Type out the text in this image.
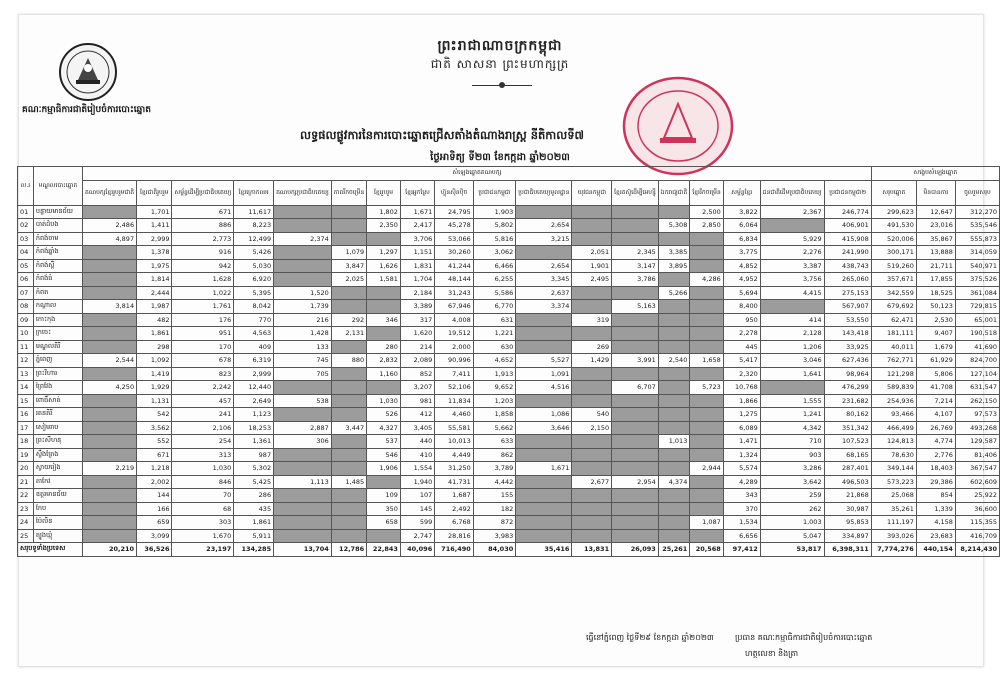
ព្រះរាជាណាចក្រកម្ពុជា
ជាតិ សាសនា ព្រះមហាក្សត្រ
គណៈកម្មាធិការជាតិរៀបចំការបោះឆ្នោត
លទ្ធផលផ្លូវការនៃការបោះឆ្នោតជ្រើសតាំងតំណាងរាស្ត្រ នីតិកាលទី៧
ថ្ងៃអាទិត្យ ទី២៣ ខែកក្កដា ឆ្នាំ២០២៣
ល.រ	មណ្ឌលបោះឆ្នោត	សំឡេងឆ្នោតគណបក្ស																		សង្ខេបសំឡេងឆ្នោត		
		គណបក្សខ្មែររួបរួមជាតិ	ខ្មែរជាតិរួបរួម	សម្ព័ន្ធដើម្បីប្រជាធិបតេយ្យ	ខ្មែរក្រោកឈរ	គណបក្សប្រជាធិបតេយ្យ	ភាពរីកចម្រើន	ខ្មែររួបរួម	ខ្មែរអ្នកស្រែ	ហ៊្វុនស៊ិនប៉ិច	ប្រជាជនកម្ពុជា	ប្រជាធិបតេយ្យមូលដ្ឋាន	យុវជនកម្ពុជា	ខ្មែរតស៊ូដើម្បីអេហ្ស៊ី	ឯករាជ្យជាតិ	ខ្មែររីកចម្រើន	សម្ព័ន្ធខ្មែរ	ជនជាតិដើមប្រជាធិបតេយ្យ	ប្រជាជនកម្ពុជា២	សរុបឆ្នោត	មិនបានការ	ចូលរួមសរុប
01	បន្ទាយមានជ័យ		1,701	671	11,617			1,802	1,671	24,795	1,903					2,500	3,822	2,367	246,774	299,623	12,647	312,270
02	បាត់ដំបង	2,486	1,411	886	8,223			2,350	2,417	45,278	5,802	2,654			5,308	2,850	6,064		406,901	491,530	23,016	535,546
03	កំពង់ចាម	4,897	2,999	2,773	12,499	2,374			3,706	53,066	5,816	3,215					6,834	5,929	415,908	520,006	35,867	555,873
04	កំពង់ឆ្នាំង		1,378	916	5,426		1,079	1,297	1,151	30,260	3,062		2,051	2,345	3,385		3,775	2,276	241,990	300,171	13,888	314,059
05	កំពង់ស្ពឺ		1,975	942	5,030		3,847	1,626	1,831	41,244	6,466	2,654	1,901	3,147	3,895		4,852	3,387	438,743	519,260	21,711	540,971
06	កំពង់ធំ		1,814	1,628	6,920		2,025	1,581	1,704	48,144	6,255	3,345	2,495	3,786		4,286	4,952	3,756	265,060	357,671	17,855	375,526
07	កំពត		2,444	1,022	5,395	1,520			2,184	31,243	5,586	2,637			5,266		5,694	4,415	275,153	342,559	18,525	361,084
08	កណ្ដាល	3,814	1,987	1,761	8,042	1,739			3,389	67,946	6,770	3,374		5,163			8,400		567,907	679,692	50,123	729,815
09	កោះកុង		482	176	770	216	292	346	317	4,008	631		319				950	414	53,550	62,471	2,530	65,001
10	ក្រចេះ		1,861	951	4,563	1,428	2,131		1,620	19,512	1,221						2,278	2,128	143,418	181,111	9,407	190,518
11	មណ្ឌលគិរី		298	170	409	133		280	214	2,000	630		269				445	1,206	33,925	40,011	1,679	41,690
12	ភ្នំពេញ	2,544	1,092	678	6,319	745	880	2,832	2,089	90,996	4,652	5,527	1,429	3,991	2,540	1,658	5,417	3,046	627,436	762,771	61,929	824,700
13	ព្រះវិហារ		1,419	823	2,999	705		1,160	852	7,411	1,913	1,091					2,320	1,641	98,964	121,298	5,806	127,104
14	ព្រៃវែង	4,250	1,929	2,242	12,440				3,207	52,106	9,652	4,516		6,707		5,723	10,768		476,299	589,839	41,708	631,547
15	ពោធិ៍សាត់		1,131	457	2,649	538		1,030	981	11,834	1,203						1,866	1,555	231,682	254,936	7,214	262,150
16	រតនគិរី		542	241	1,123			526	412	4,460	1,858	1,086	540				1,275	1,241	80,162	93,466	4,107	97,573
17	សៀមរាប		3,562	2,106	18,253	2,887	3,447	4,327	3,405	55,581	5,662	3,646	2,150				6,089	4,342	351,342	466,499	26,769	493,268
18	ព្រះសីហនុ		552	254	1,361	306		537	440	10,013	633				1,013		1,471	710	107,523	124,813	4,774	129,587
19	ស្ទឹងត្រែង		671	313	987			546	410	4,449	862						1,324	903	68,165	78,630	2,776	81,406
20	ស្វាយរៀង	2,219	1,218	1,030	5,302			1,906	1,554	31,250	3,789	1,671				2,944	5,574	3,286	287,401	349,144	18,403	367,547
21	តាកែវ		2,002	846	5,425	1,113	1,485		1,940	41,731	4,442		2,677	2,954	4,374		4,289	3,642	496,503	573,223	29,386	602,609
22	ឧត្តរមានជ័យ		144	70	286			109	107	1,687	155						343	259	21,868	25,068	854	25,922
23	កែប		166	68	435			350	145	2,492	182						370	262	30,987	35,261	1,339	36,600
24	ប៉ៃលិន		659	303	1,861			658	599	6,768	872					1,087	1,534	1,003	95,853	111,197	4,158	115,355
25	ត្បូងឃ្មុំ		3,099	1,670	5,911				2,747	28,816	3,983						6,656	5,047	334,897	393,026	23,683	416,709
សរុបទូទាំងប្រទេស		20,210	36,526	23,197	134,285	13,704	12,786	22,843	40,096	716,490	84,030	35,416	13,831	26,093	25,261	20,568	97,412	53,817	6,398,311	7,774,276	440,154	8,214,430
ធ្វើនៅភ្នំពេញ ថ្ងៃទី២៩ ខែកក្កដា ឆ្នាំ២០២៣	ប្រធាន គណៈកម្មាធិការជាតិរៀបចំការបោះឆ្នោត
ហត្ថលេខា និងត្រា
